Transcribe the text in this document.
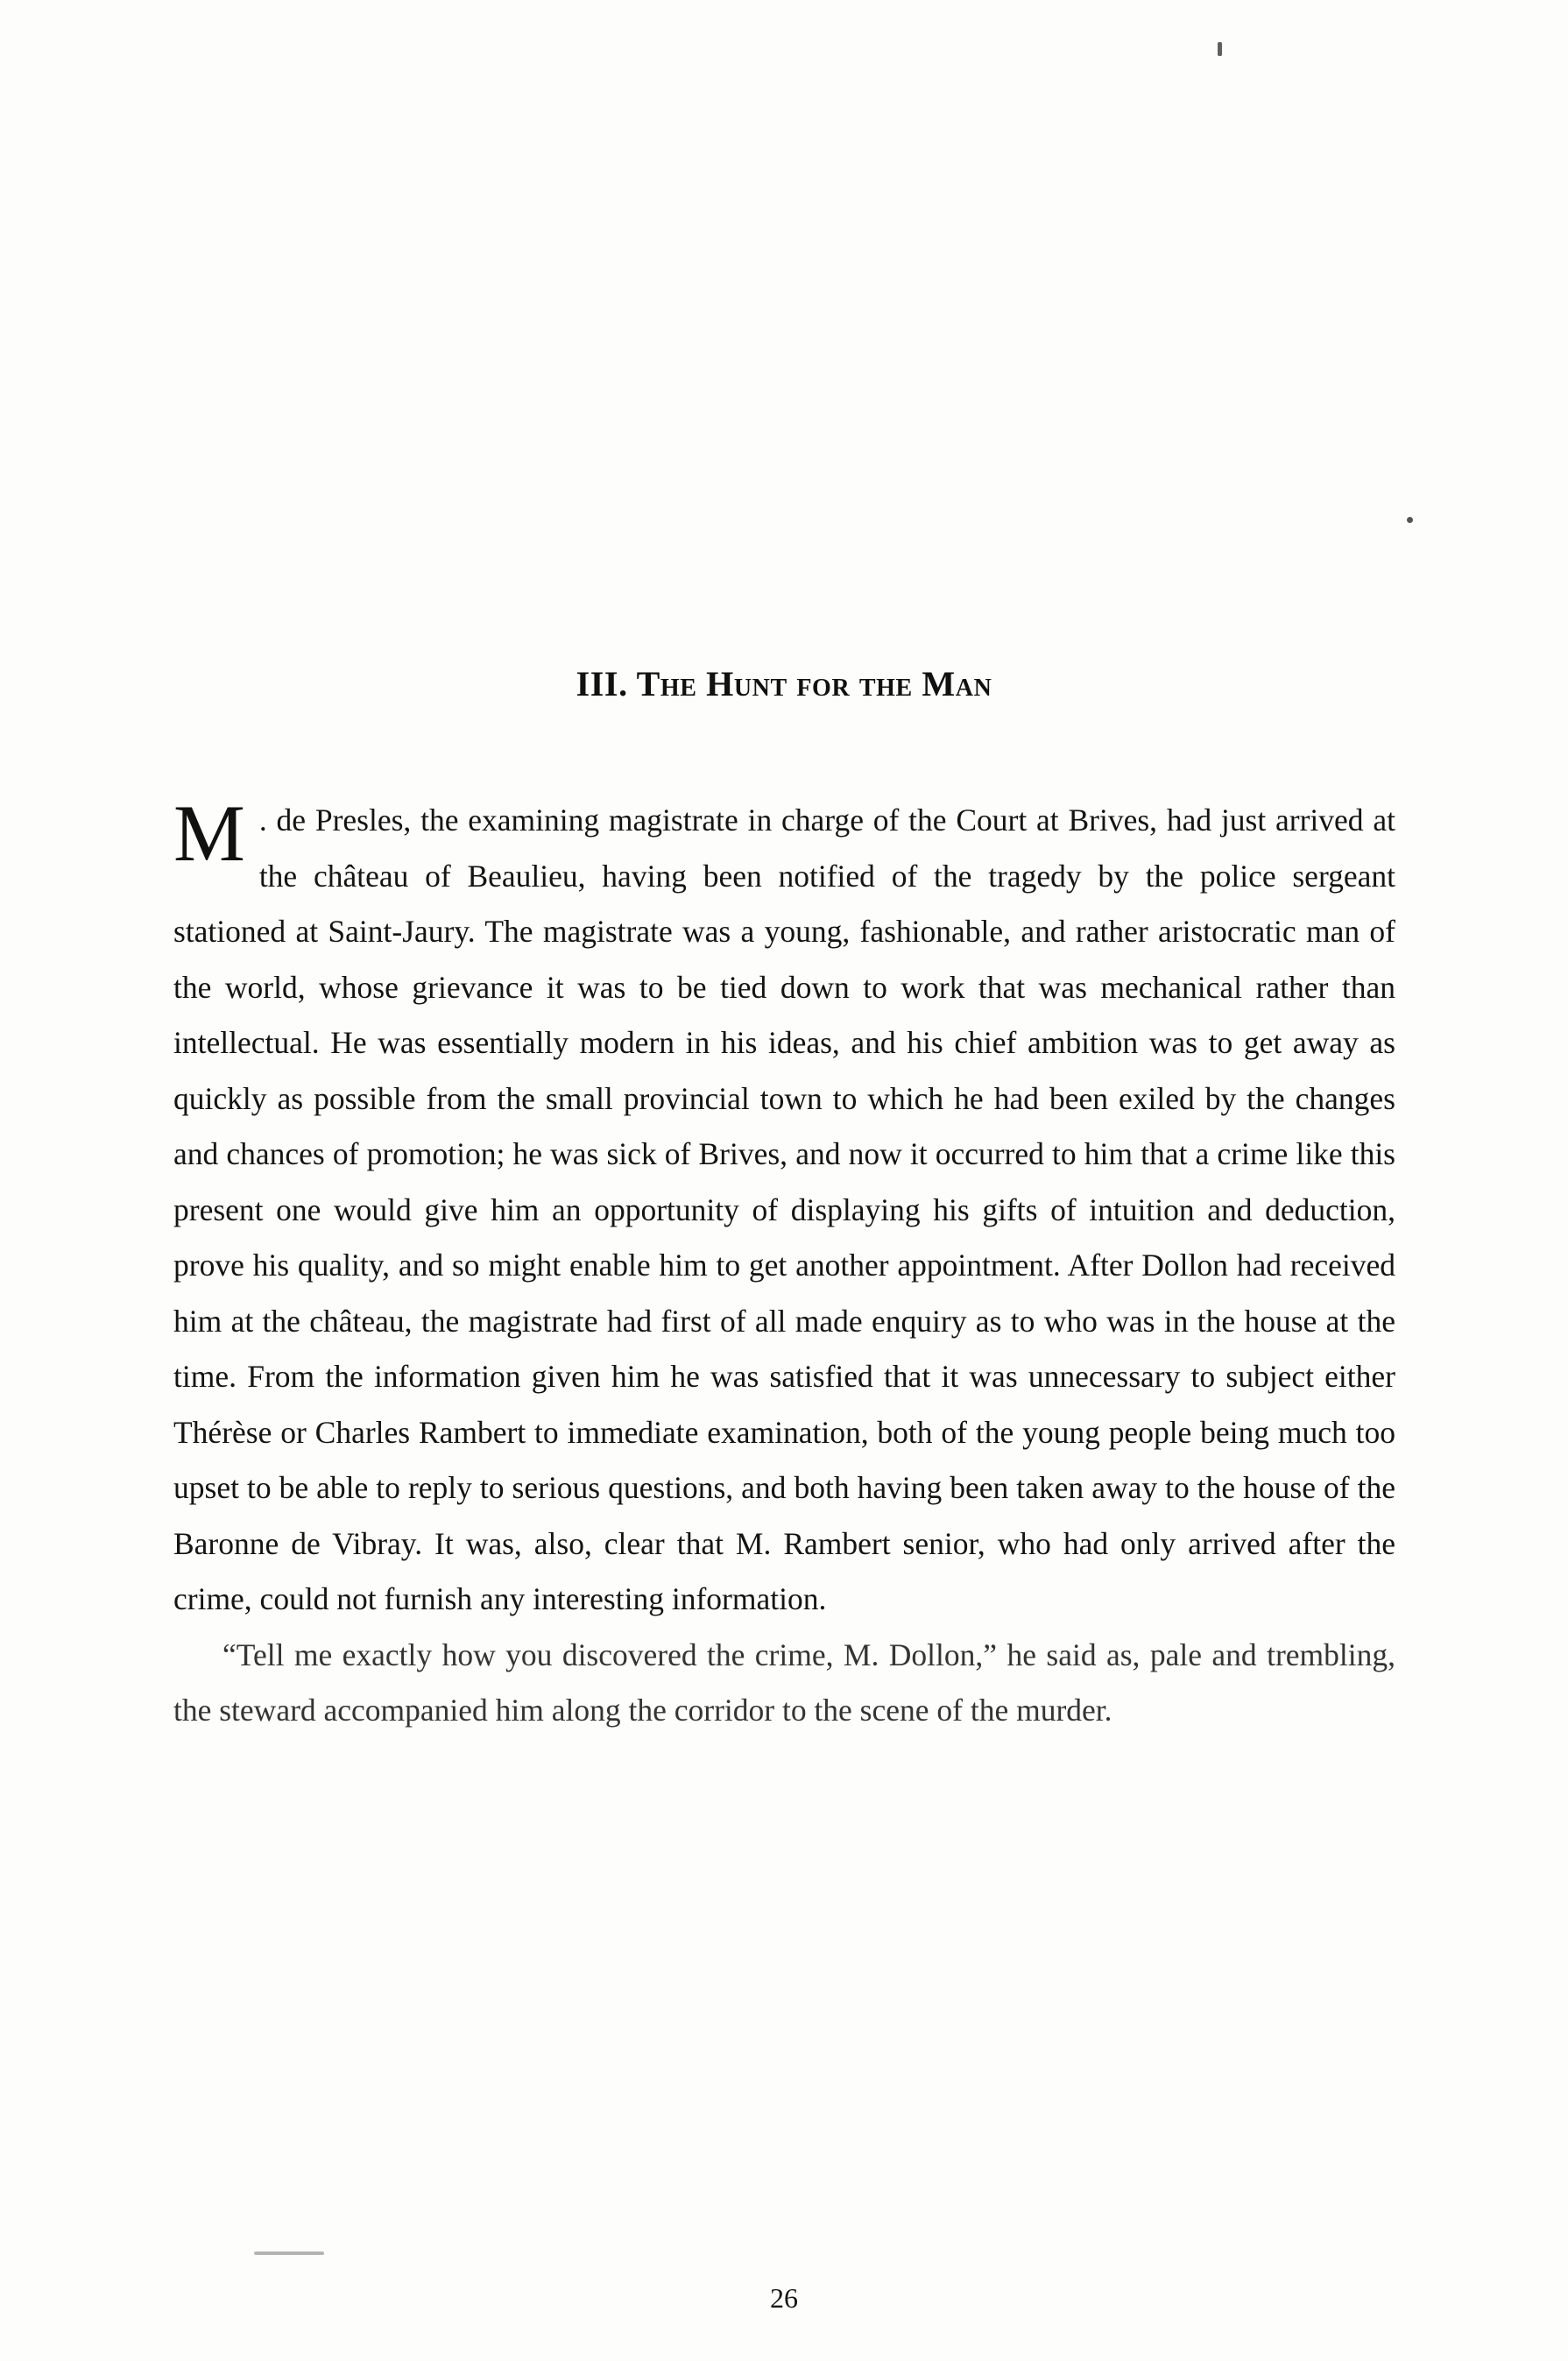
III. The Hunt for the Man

M . de Presles, the examining magistrate in charge of the Court at Brives, had just arrived at the château of Beaulieu, having been notified of the tragedy by the police sergeant stationed at Saint-Jaury. The magistrate was a young, fashionable, and rather aristocratic man of the world, whose grievance it was to be tied down to work that was mechanical rather than intellectual. He was essentially modern in his ideas, and his chief ambition was to get away as quickly as possible from the small provincial town to which he had been exiled by the changes and chances of promotion; he was sick of Brives, and now it occurred to him that a crime like this present one would give him an opportunity of displaying his gifts of intuition and deduction, prove his quality, and so might enable him to get another appointment. After Dollon had received him at the château, the magistrate had first of all made enquiry as to who was in the house at the time. From the information given him he was satisfied that it was unnecessary to subject either Thérèse or Charles Rambert to immediate examination, both of the young people being much too upset to be able to reply to serious questions, and both having been taken away to the house of the Baronne de Vibray. It was, also, clear that M. Rambert senior, who had only arrived after the crime, could not furnish any interesting information.

“Tell me exactly how you discovered the crime, M. Dollon,” he said as, pale and trembling, the steward accompanied him along the corridor to the scene of the murder.

26
